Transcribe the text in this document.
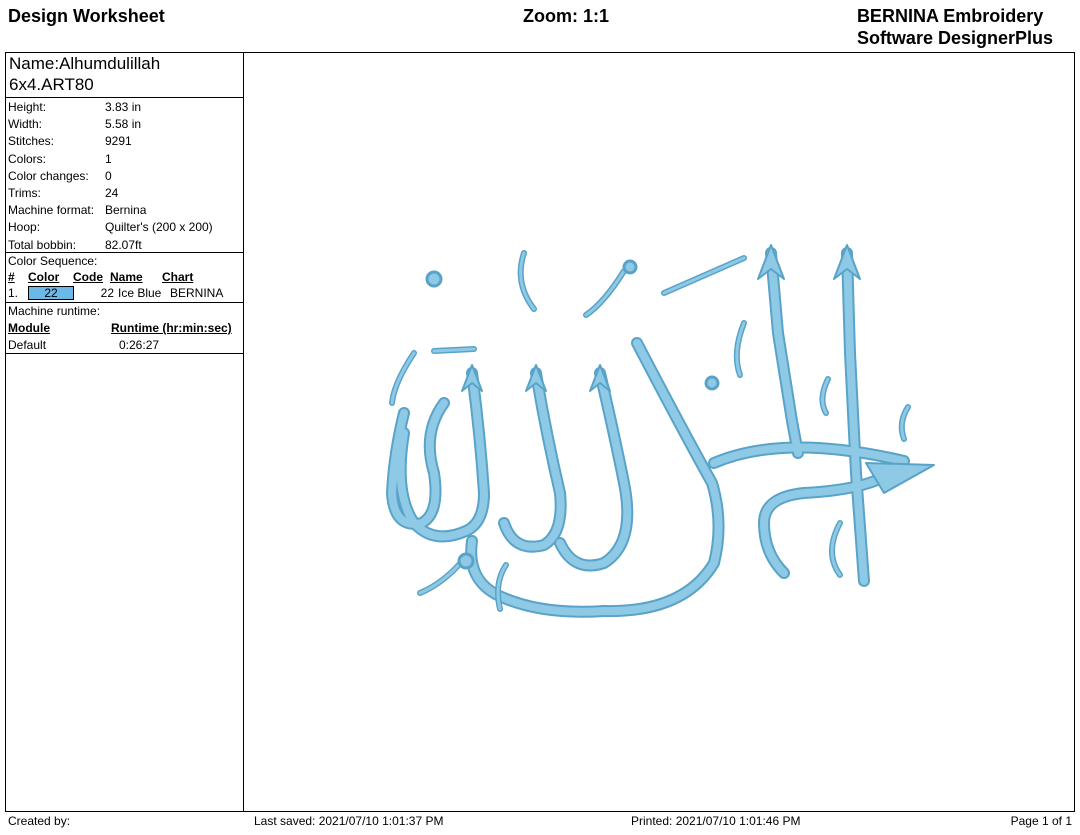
Design Worksheet	Zoom: 1:1	BERNINA Embroidery
Software DesignerPlus
Name:Alhumdulillah
6x4.ART80
Height:	3.83 in
Width:	5.58 in
Stitches:	9291
Colors:	1
Color changes:	0
Trims:	24
Machine format: Bernina
Hoop:	Quilter's (200 x 200)
Total bobbin:	82.07ft
Color Sequence:
#	Color	Code Name	Chart
1.	22	22 Ice Blue BERNINA
Machine runtime:
Module	Runtime (hr:min:sec)
Default	0:26:27
Created by:	Last saved: 2021/07/10 1:01:37 PM	Printed: 2021/07/10 1:01:46 PM	Page 1 of 1
